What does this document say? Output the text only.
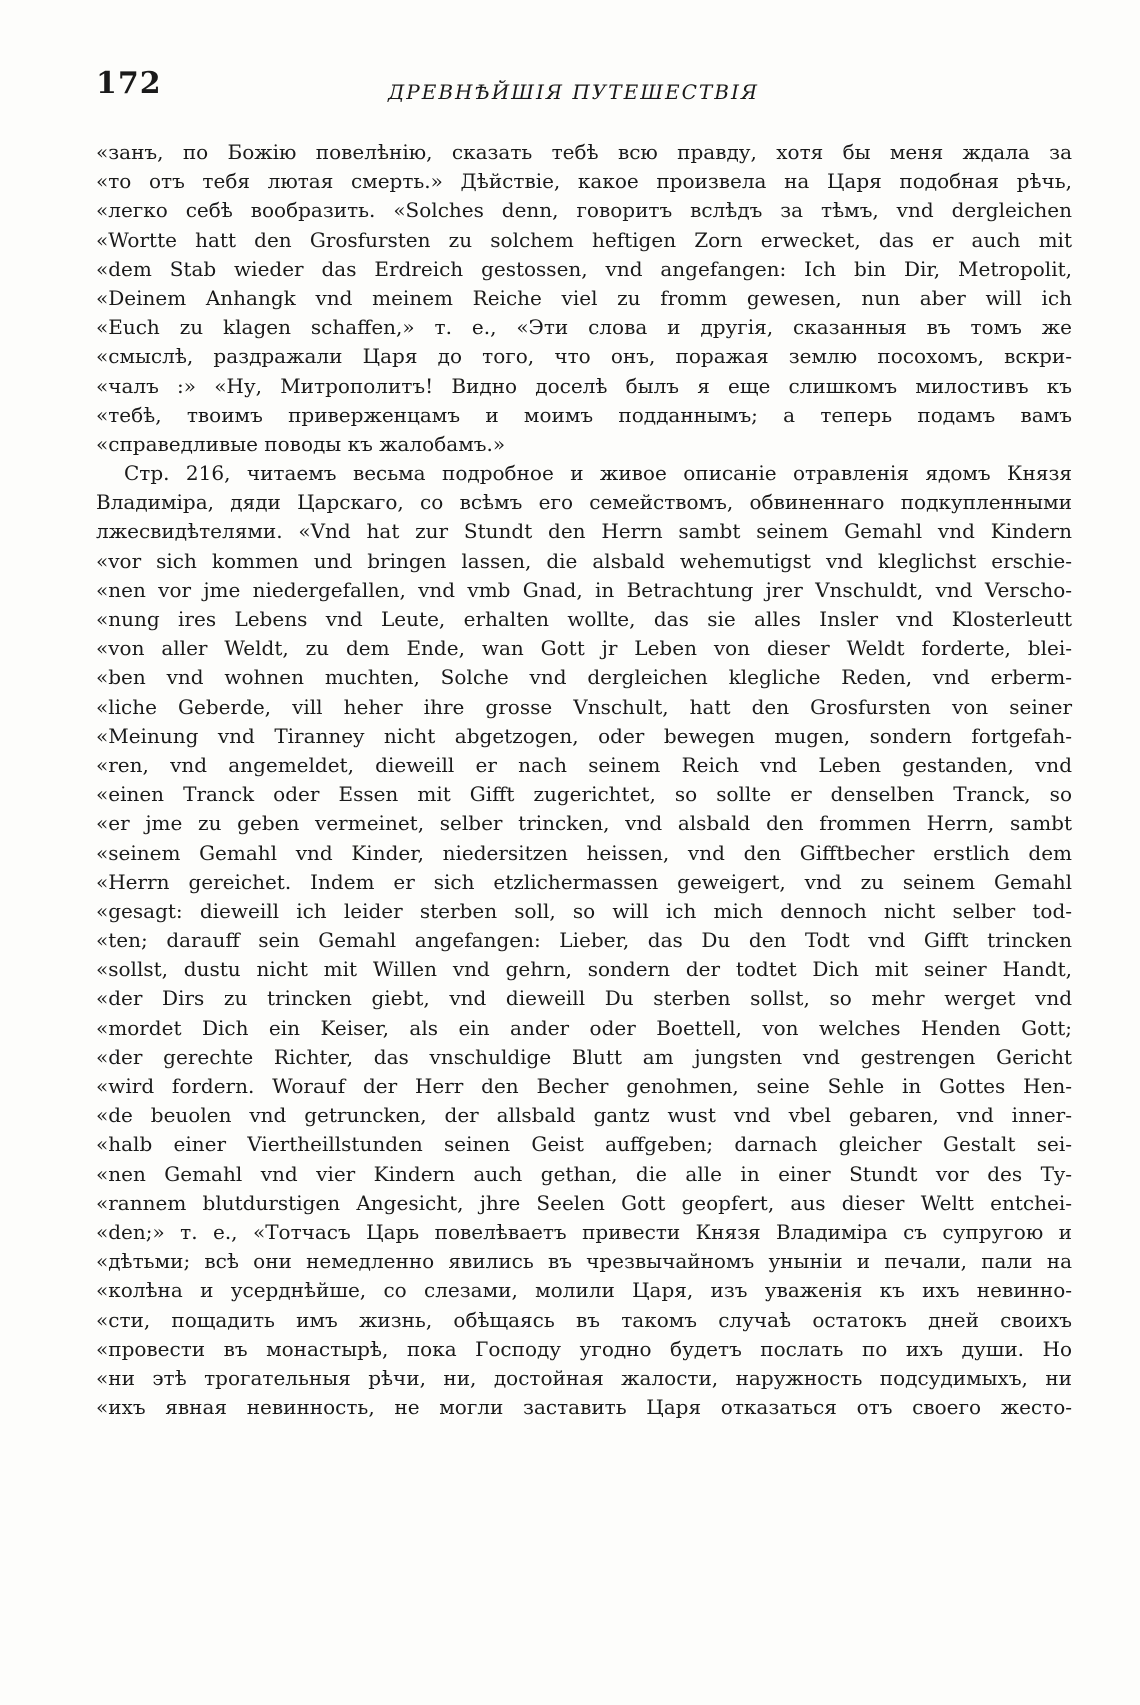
172	ДРЕВНѢЙШІЯ ПУТЕШЕСТВІЯ
«занъ, по Божію повелѣнію, сказать тебѣ всю правду, хотя бы меня ждала за
«то отъ тебя лютая смерть.» Дѣйствіе, какое произвела на Царя подобная рѣчь,
«легко себѣ вообразить. «Solches denn, говоритъ вслѣдъ за тѣмъ, vnd dergleichen
«Wortte hatt den Grosfursten zu solchem heftigen Zorn erwecket, das er auch mit
«dem Stab wieder das Erdreich gestossen, vnd angefangen: Ich bin Dir, Metropolit,
«Deinem Anhangk vnd meinem Reiche viel zu fromm gewesen, nun aber will ich
«Euch zu klagen schaffen,» т. е., «Эти слова и другія, сказанныя въ томъ же
«смыслѣ, раздражали Царя до того, что онъ, поражая землю посохомъ, вскри-
«чалъ :» «Ну, Митрополитъ! Видно доселѣ былъ я еще слишкомъ милостивъ къ
«тебѣ, твоимъ приверженцамъ и моимъ подданнымъ; а теперь подамъ вамъ
«справедливые поводы къ жалобамъ.»
Стр. 216, читаемъ весьма подробное и живое описаніе отравленія ядомъ Князя
Владиміра, дяди Царскаго, со всѣмъ его семействомъ, обвиненнаго подкупленными
лжесвидѣтелями. «Vnd hat zur Stundt den Herrn sambt seinem Gemahl vnd Kindern
«vor sich kommen und bringen lassen, die alsbald wehemutigst vnd kleglichst erschie-
«nen vor jme niedergefallen, vnd vmb Gnad, in Betrachtung jrer Vnschuldt, vnd Verscho-
«nung ires Lebens vnd Leute, erhalten wollte, das sie alles Insler vnd Klosterleutt
«von aller Weldt, zu dem Ende, wan Gott jr Leben von dieser Weldt forderte, blei-
«ben vnd wohnen muchten, Solche vnd dergleichen klegliche Reden, vnd erberm-
«liche Geberde, vill heher ihre grosse Vnschult, hatt den Grosfursten von seiner
«Meinung vnd Tiranney nicht abgetzogen, oder bewegen mugen, sondern fortgefah-
«ren, vnd angemeldet, dieweill er nach seinem Reich vnd Leben gestanden, vnd
«einen Tranck oder Essen mit Gifft zugerichtet, so sollte er denselben Tranck, so
«er jme zu geben vermeinet, selber trincken, vnd alsbald den frommen Herrn, sambt
«seinem Gemahl vnd Kinder, niedersitzen heissen, vnd den Gifftbecher erstlich dem
«Herrn gereichet. Indem er sich etzlichermassen geweigert, vnd zu seinem Gemahl
«gesagt: dieweill ich leider sterben soll, so will ich mich dennoch nicht selber tod-
«ten; darauff sein Gemahl angefangen: Lieber, das Du den Todt vnd Gifft trincken
«sollst, dustu nicht mit Willen vnd gehrn, sondern der todtet Dich mit seiner Handt,
«der Dirs zu trincken giebt, vnd dieweill Du sterben sollst, so mehr werget vnd
«mordet Dich ein Keiser, als ein ander oder Boettell, von welches Henden Gott;
«der gerechte Richter, das vnschuldige Blutt am jungsten vnd gestrengen Gericht
«wird fordern. Worauf der Herr den Becher genohmen, seine Sehle in Gottes Hen-
«de beuolen vnd getruncken, der allsbald gantz wust vnd vbel gebaren, vnd inner-
«halb einer Viertheillstunden seinen Geist auffgeben; darnach gleicher Gestalt sei-
«nen Gemahl vnd vier Kindern auch gethan, die alle in einer Stundt vor des Ty-
«rannem blutdurstigen Angesicht, jhre Seelen Gott geopfert, aus dieser Weltt entchei-
«den;» т. е., «Тотчасъ Царь повелѣваетъ привести Князя Владиміра съ супругою и
«дѣтьми; всѣ они немедленно явились въ чрезвычайномъ уныніи и печали, пали на
«колѣна и усерднѣйше, со слезами, молили Царя, изъ уваженія къ ихъ невинно-
«сти, пощадить имъ жизнь, обѣщаясь въ такомъ случаѣ остатокъ дней своихъ
«провести въ монастырѣ, пока Господу угодно будетъ послать по ихъ души. Но
«ни этѣ трогательныя рѣчи, ни, достойная жалости, наружность подсудимыхъ, ни
«ихъ явная невинность, не могли заставить Царя отказаться отъ своего жесто-
